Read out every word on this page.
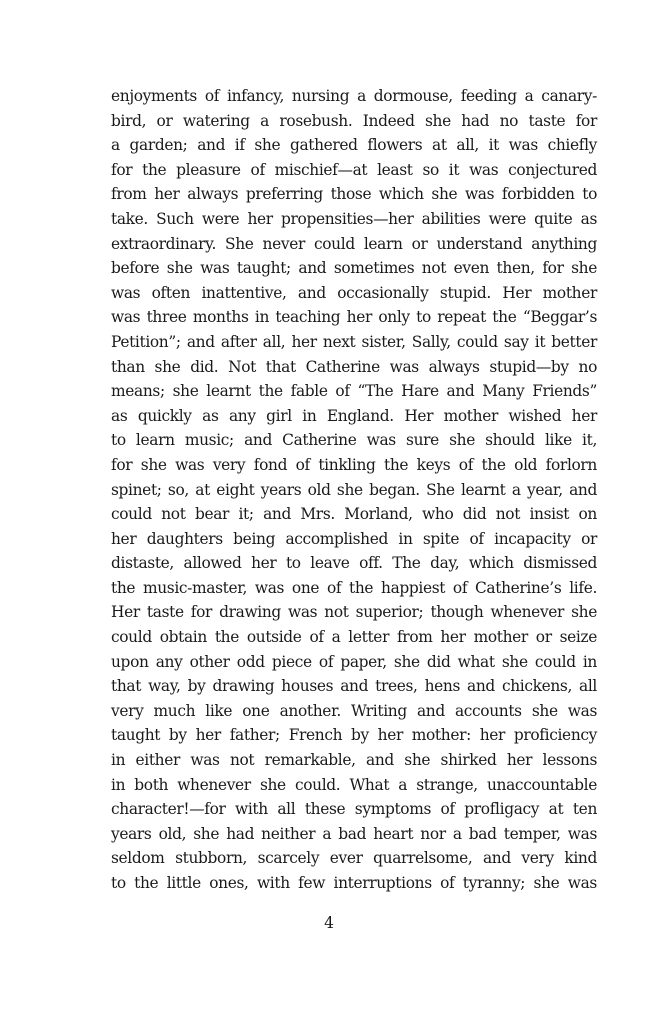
enjoyments of infancy, nursing a dormouse, feeding a canary-
bird, or watering a rosebush. Indeed she had no taste for
a garden; and if she gathered flowers at all, it was chiefly
for the pleasure of mischief—at least so it was conjectured
from her always preferring those which she was forbidden to
take. Such were her propensities—her abilities were quite as
extraordinary. She never could learn or understand anything
before she was taught; and sometimes not even then, for she
was often inattentive, and occasionally stupid. Her mother
was three months in teaching her only to repeat the “Beggar’s
Petition”; and after all, her next sister, Sally, could say it better
than she did. Not that Catherine was always stupid—by no
means; she learnt the fable of “The Hare and Many Friends”
as quickly as any girl in England. Her mother wished her
to learn music; and Catherine was sure she should like it,
for she was very fond of tinkling the keys of the old forlorn
spinet; so, at eight years old she began. She learnt a year, and
could not bear it; and Mrs. Morland, who did not insist on
her daughters being accomplished in spite of incapacity or
distaste, allowed her to leave off. The day, which dismissed
the music-master, was one of the happiest of Catherine’s life.
Her taste for drawing was not superior; though whenever she
could obtain the outside of a letter from her mother or seize
upon any other odd piece of paper, she did what she could in
that way, by drawing houses and trees, hens and chickens, all
very much like one another. Writing and accounts she was
taught by her father; French by her mother: her proficiency
in either was not remarkable, and she shirked her lessons
in both whenever she could. What a strange, unaccountable
character!—for with all these symptoms of profligacy at ten
years old, she had neither a bad heart nor a bad temper, was
seldom stubborn, scarcely ever quarrelsome, and very kind
to the little ones, with few interruptions of tyranny; she was
4
